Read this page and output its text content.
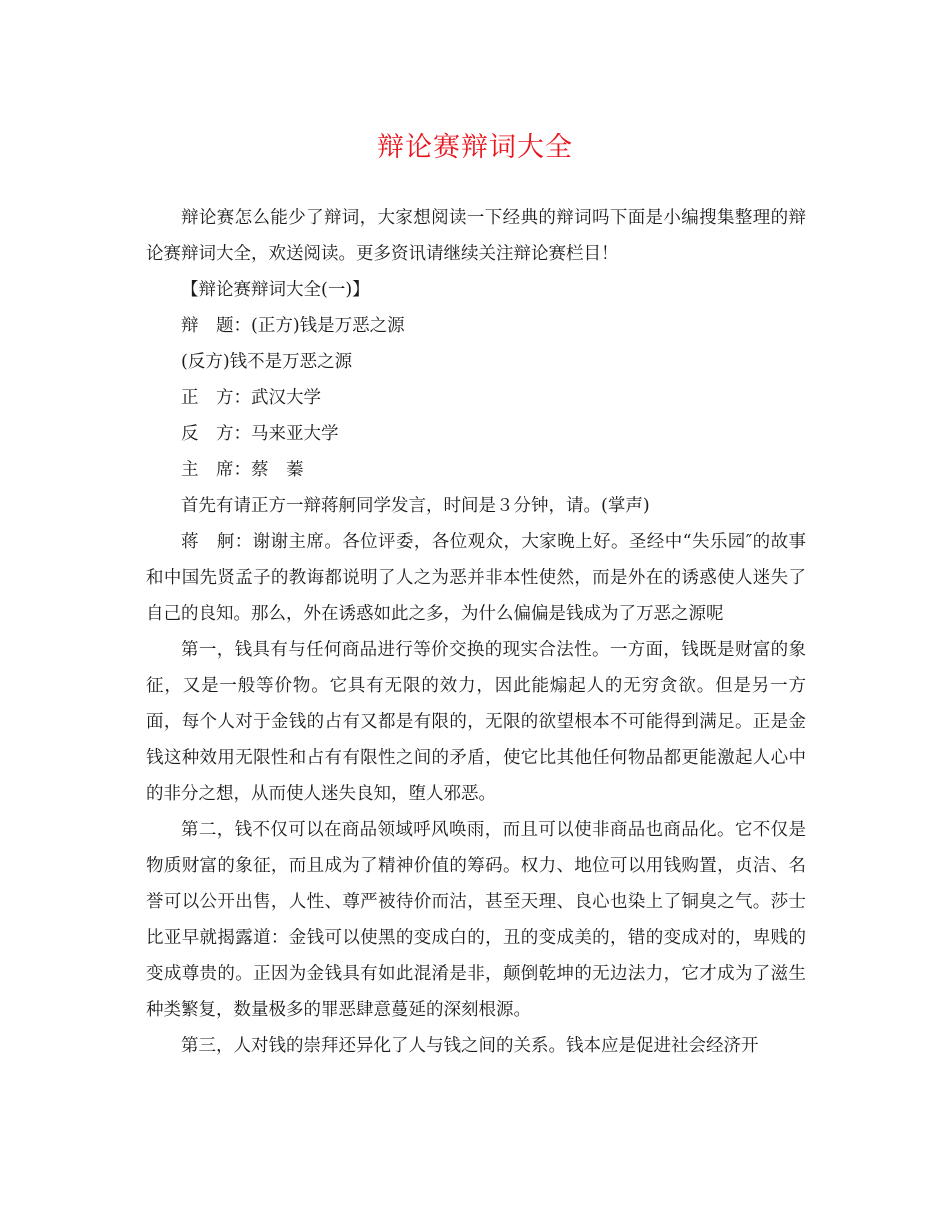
辩论赛辩词大全

辩论赛怎么能少了辩词，大家想阅读一下经典的辩词吗下面是小编搜集整理的辩论赛辩词大全，欢送阅读。更多资讯请继续关注辩论赛栏目！

【辩论赛辩词大全(一)】

辩　题：(正方)钱是万恶之源

(反方)钱不是万恶之源

正　方：武汉大学

反　方：马来亚大学

主　席：蔡　蓁

首先有请正方一辩蒋舸同学发言，时间是３分钟，请。(掌声)

蒋　舸：谢谢主席。各位评委，各位观众，大家晚上好。圣经中“失乐园″的故事和中国先贤孟子的教诲都说明了人之为恶并非本性使然，而是外在的诱惑使人迷失了自己的良知。那么，外在诱惑如此之多，为什么偏偏是钱成为了万恶之源呢

第一，钱具有与任何商品进行等价交换的现实合法性。一方面，钱既是财富的象征，又是一般等价物。它具有无限的效力，因此能煽起人的无穷贪欲。但是另一方面，每个人对于金钱的占有又都是有限的，无限的欲望根本不可能得到满足。正是金钱这种效用无限性和占有有限性之间的矛盾，使它比其他任何物品都更能激起人心中的非分之想，从而使人迷失良知，堕人邪恶。

第二，钱不仅可以在商品领域呼风唤雨，而且可以使非商品也商品化。它不仅是物质财富的象征，而且成为了精神价值的筹码。权力、地位可以用钱购置，贞洁、名誉可以公开出售，人性、尊严被待价而沽，甚至天理、良心也染上了铜臭之气。莎士比亚早就揭露道：金钱可以使黑的变成白的，丑的变成美的，错的变成对的，卑贱的变成尊贵的。正因为金钱具有如此混淆是非，颠倒乾坤的无边法力，它才成为了滋生种类繁复，数量极多的罪恶肆意蔓延的深刻根源。

第三，人对钱的崇拜还异化了人与钱之间的关系。钱本应是促进社会经济开
